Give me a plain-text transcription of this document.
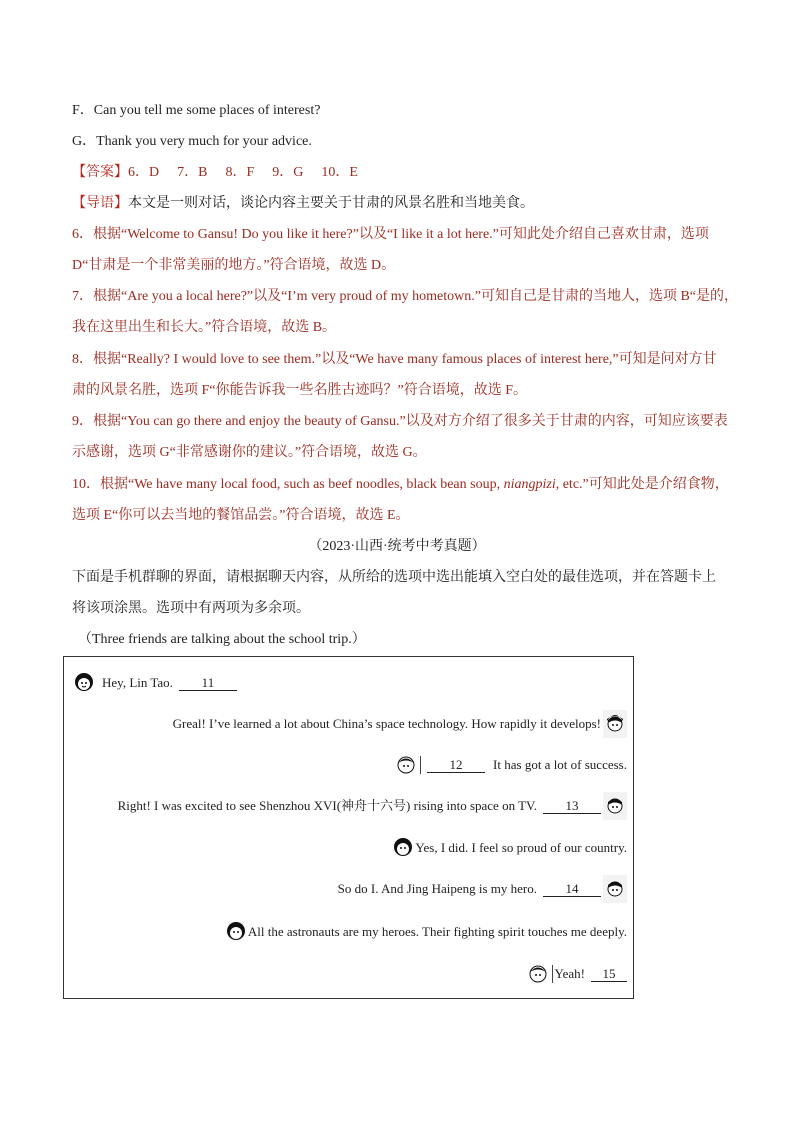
F．Can you tell me some places of interest?
G．Thank you very much for your advice.
【答案】6．D 7．B 8．F 9．G 10．E
【导语】本文是一则对话，谈论内容主要关于甘肃的风景名胜和当地美食。
6．根据“Welcome to Gansu! Do you like it here?”以及“I like it a lot here.”可知此处介绍自己喜欢甘肃，选项
D“甘肃是一个非常美丽的地方。”符合语境，故选 D。
7．根据“Are you a local here?”以及“I’m very proud of my hometown.”可知自己是甘肃的当地人，选项 B“是的，
我在这里出生和长大。”符合语境，故选 B。
8．根据“Really? I would love to see them.”以及“We have many famous places of interest here,”可知是问对方甘
肃的风景名胜，选项 F“你能告诉我一些名胜古迹吗？”符合语境，故选 F。
9．根据“You can go there and enjoy the beauty of Gansu.”以及对方介绍了很多关于甘肃的内容，可知应该要表
示感谢，选项 G“非常感谢你的建议。”符合语境，故选 G。
10．根据“We have many local food, such as beef noodles, black bean soup, niangpizi, etc.”可知此处是介绍食物，
选项 E“你可以去当地的餐馆品尝。”符合语境，故选 E。
（2023·山西·统考中考真题）
下面是手机群聊的界面，请根据聊天内容，从所给的选项中选出能填入空白处的最佳选项，并在答题卡上
将该项涂黑。选项中有两项为多余项。
（Three friends are talking about the school trip.）
Hey, Lin Tao.	11
Greal! I’ve learned a lot about China’s space technology. How rapidly it develops!
12	It has got a lot of success.
Right! I was excited to see Shenzhou XVI(神舟十六号) rising into space on TV.	13
Yes, I did. I feel so proud of our country.
So do I. And Jing Haipeng is my hero.	14
All the astronauts are my heroes. Their fighting spirit touches me deeply.
Yeah!	15
